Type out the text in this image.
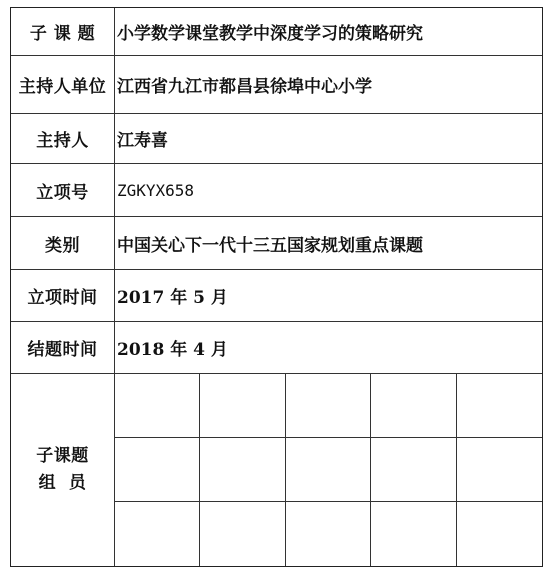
子 课 题	小学数学课堂教学中深度学习的策略研究
主持人单位 江西省九江市都昌县徐埠中心小学
主持人	江寿喜
立项号	ZGKYX658
类别	中国关心下一代十三五国家规划重点课题
立项时间	2017 年 5 月
结题时间	2018 年 4 月
子课题
组  员
